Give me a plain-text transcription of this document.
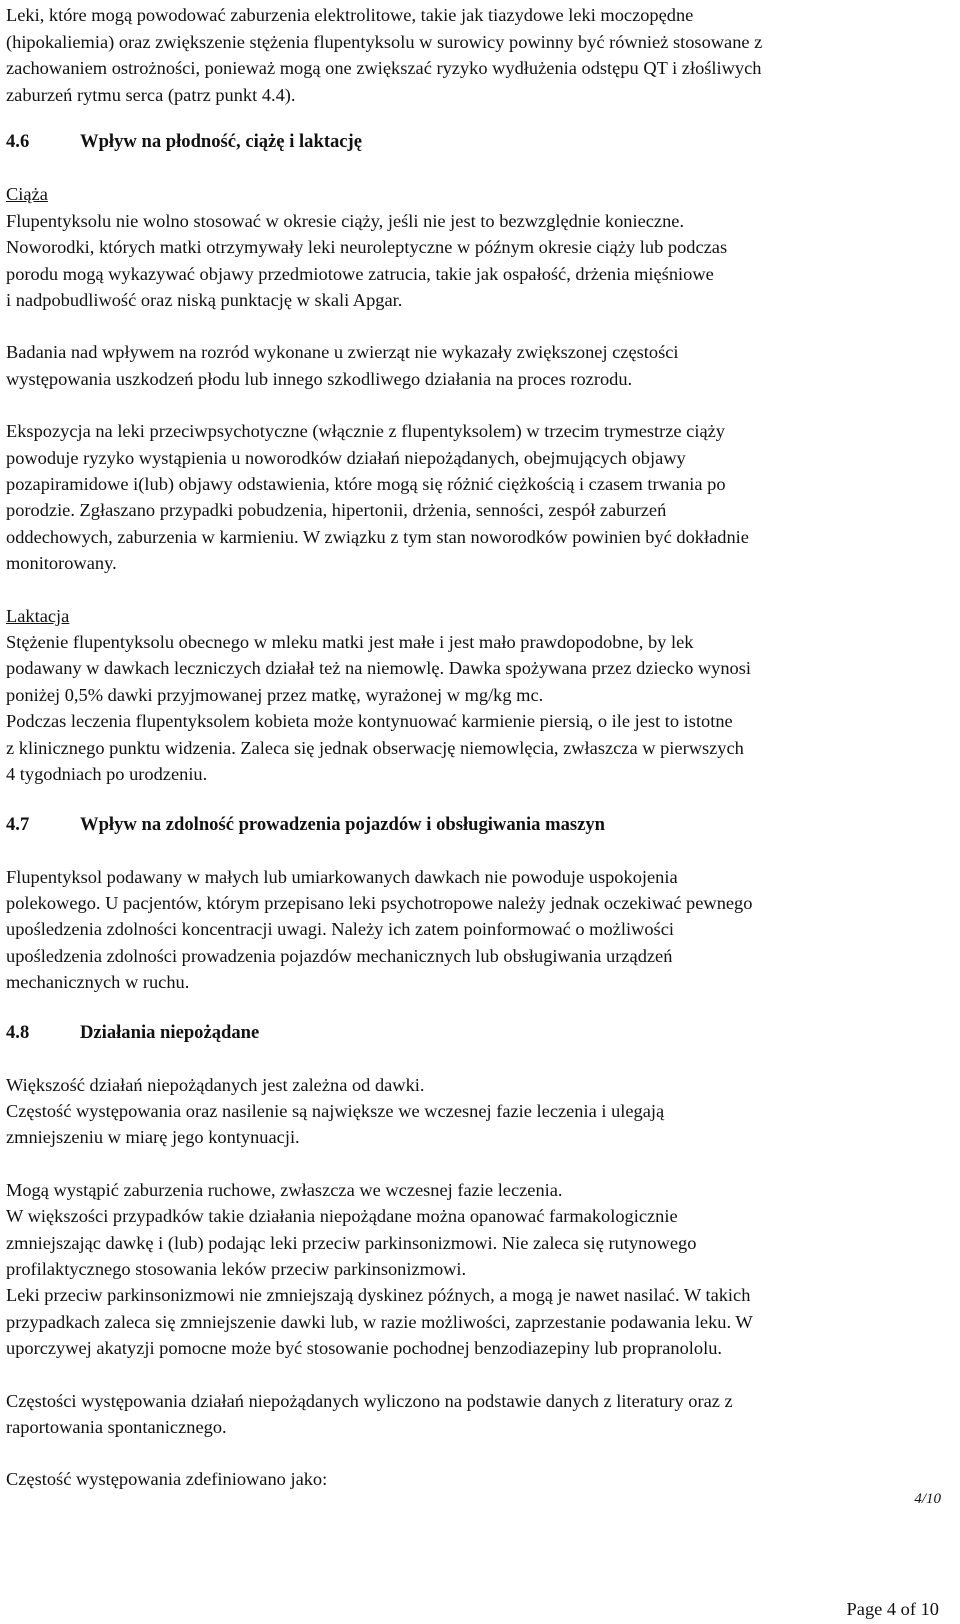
Leki, które mogą powodować zaburzenia elektrolitowe, takie jak tiazydowe leki moczopędne
(hipokaliemia) oraz zwiększenie stężenia flupentyksolu w surowicy powinny być również stosowane z
zachowaniem ostrożności, ponieważ mogą one zwiększać ryzyko wydłużenia odstępu QT i złośliwych
zaburzeń rytmu serca (patrz punkt 4.4).

4.6	Wpływ na płodność, ciążę i laktację

Ciąża
Flupentyksolu nie wolno stosować w okresie ciąży, jeśli nie jest to bezwzględnie konieczne.
Noworodki, których matki otrzymywały leki neuroleptyczne w późnym okresie ciąży lub podczas
porodu mogą wykazywać objawy przedmiotowe zatrucia, takie jak ospałość, drżenia mięśniowe
i nadpobudliwość oraz niską punktację w skali Apgar.

Badania nad wpływem na rozród wykonane u zwierząt nie wykazały zwiększonej częstości
występowania uszkodzeń płodu lub innego szkodliwego działania na proces rozrodu.

Ekspozycja na leki przeciwpsychotyczne (włącznie z flupentyksolem) w trzecim trymestrze ciąży
powoduje ryzyko wystąpienia u noworodków działań niepożądanych, obejmujących objawy
pozapiramidowe i(lub) objawy odstawienia, które mogą się różnić ciężkością i czasem trwania po
porodzie. Zgłaszano przypadki pobudzenia, hipertonii, drżenia, senności, zespół zaburzeń
oddechowych, zaburzenia w karmieniu. W związku z tym stan noworodków powinien być dokładnie
monitorowany.

Laktacja
Stężenie flupentyksolu obecnego w mleku matki jest małe i jest mało prawdopodobne, by lek
podawany w dawkach leczniczych działał też na niemowlę. Dawka spożywana przez dziecko wynosi
poniżej 0,5% dawki przyjmowanej przez matkę, wyrażonej w mg/kg mc.
Podczas leczenia flupentyksolem kobieta może kontynuować karmienie piersią, o ile jest to istotne
z klinicznego punktu widzenia. Zaleca się jednak obserwację niemowlęcia, zwłaszcza w pierwszych
4 tygodniach po urodzeniu.

4.7	Wpływ na zdolność prowadzenia pojazdów i obsługiwania maszyn

Flupentyksol podawany w małych lub umiarkowanych dawkach nie powoduje uspokojenia
polekowego. U pacjentów, którym przepisano leki psychotropowe należy jednak oczekiwać pewnego
upośledzenia zdolności koncentracji uwagi. Należy ich zatem poinformować o możliwości
upośledzenia zdolności prowadzenia pojazdów mechanicznych lub obsługiwania urządzeń
mechanicznych w ruchu.

4.8	Działania niepożądane

Większość działań niepożądanych jest zależna od dawki.
Częstość występowania oraz nasilenie są największe we wczesnej fazie leczenia i ulegają
zmniejszeniu w miarę jego kontynuacji.

Mogą wystąpić zaburzenia ruchowe, zwłaszcza we wczesnej fazie leczenia.
W większości przypadków takie działania niepożądane można opanować farmakologicznie
zmniejszając dawkę i (lub) podając leki przeciw parkinsonizmowi. Nie zaleca się rutynowego
profilaktycznego stosowania leków przeciw parkinsonizmowi.
Leki przeciw parkinsonizmowi nie zmniejszają dyskinez późnych, a mogą je nawet nasilać. W takich
przypadkach zaleca się zmniejszenie dawki lub, w razie możliwości, zaprzestanie podawania leku. W
uporczywej akatyzji pomocne może być stosowanie pochodnej benzodiazepiny lub propranololu.

Częstości występowania działań niepożądanych wyliczono na podstawie danych z literatury oraz z
raportowania spontanicznego.

Częstość występowania zdefiniowano jako:

4/10
Page 4 of 10
